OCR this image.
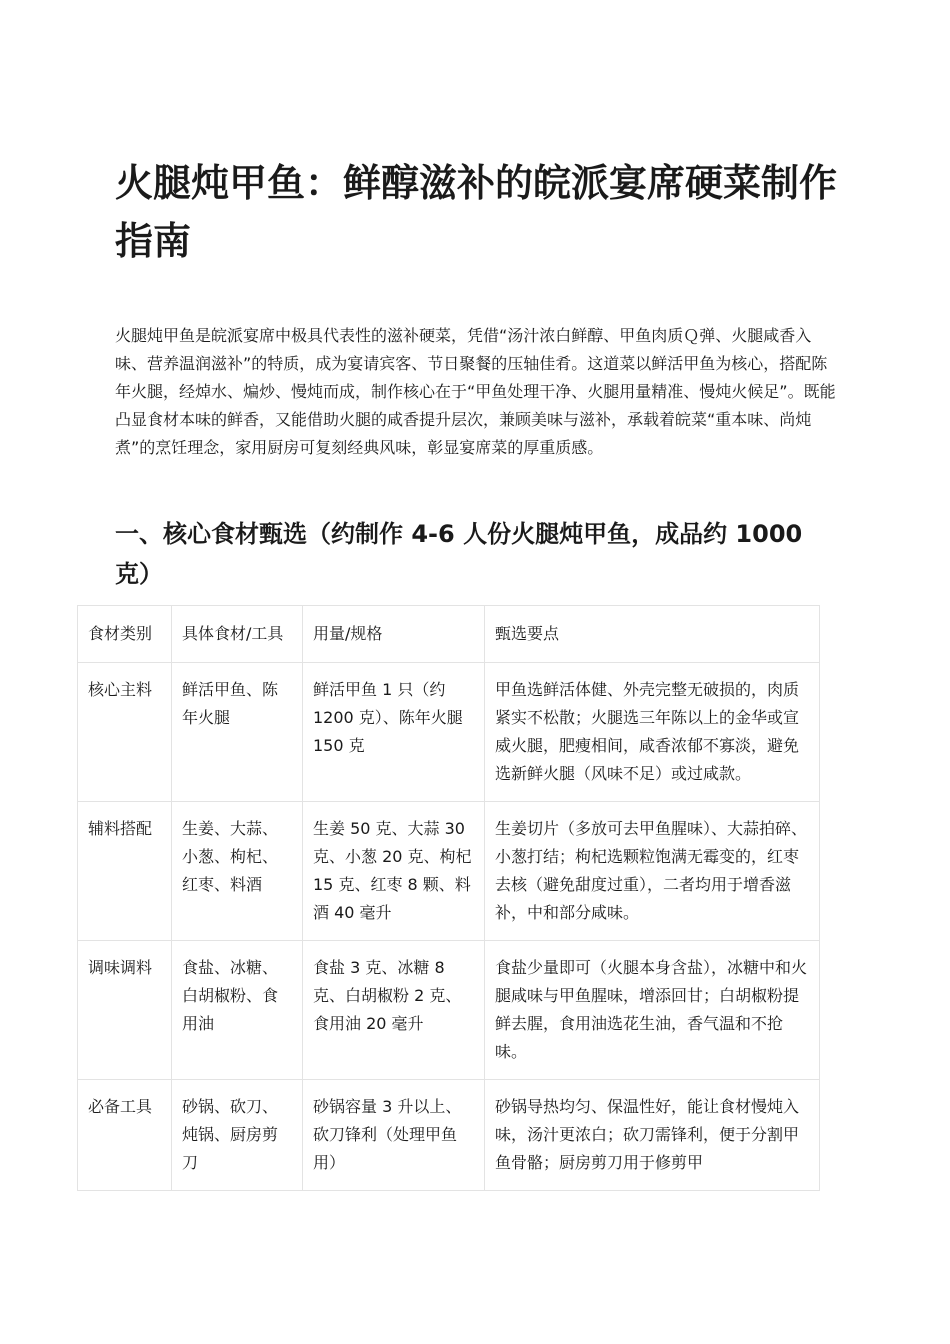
火腿炖甲鱼：鲜醇滋补的皖派宴席硬菜制作指南

火腿炖甲鱼是皖派宴席中极具代表性的滋补硬菜，凭借“汤汁浓白鲜醇、甲鱼肉质Ｑ弹、火腿咸香入味、营养温润滋补”的特质，成为宴请宾客、节日聚餐的压轴佳肴。这道菜以鲜活甲鱼为核心，搭配陈年火腿，经焯水、煸炒、慢炖而成，制作核心在于“甲鱼处理干净、火腿用量精准、慢炖火候足”。既能凸显食材本味的鲜香，又能借助火腿的咸香提升层次，兼顾美味与滋补，承载着皖菜“重本味、尚炖煮”的烹饪理念，家用厨房可复刻经典风味，彰显宴席菜的厚重质感。

一、核心食材甄选（约制作 4-6 人份火腿炖甲鱼，成品约 1000 克）
食材类别	具体食材/工具	用量/规格	甄选要点
核心主料	鲜活甲鱼、陈年火腿	鲜活甲鱼 1 只（约 1200 克）、陈年火腿 150 克	甲鱼选鲜活体健、外壳完整无破损的，肉质紧实不松散；火腿选三年陈以上的金华或宣威火腿，肥瘦相间，咸香浓郁不寡淡，避免选新鲜火腿（风味不足）或过咸款。
辅料搭配	生姜、大蒜、小葱、枸杞、红枣、料酒	生姜 50 克、大蒜 30 克、小葱 20 克、枸杞 15 克、红枣 8 颗、料酒 40 毫升	生姜切片（多放可去甲鱼腥味）、大蒜拍碎、小葱打结；枸杞选颗粒饱满无霉变的，红枣去核（避免甜度过重），二者均用于增香滋补，中和部分咸味。
调味调料	食盐、冰糖、白胡椒粉、食用油	食盐 3 克、冰糖 8 克、白胡椒粉 2 克、食用油 20 毫升	食盐少量即可（火腿本身含盐），冰糖中和火腿咸味与甲鱼腥味，增添回甘；白胡椒粉提鲜去腥，食用油选花生油，香气温和不抢味。
必备工具	砂锅、砍刀、炖锅、厨房剪刀	砂锅容量 3 升以上、砍刀锋利（处理甲鱼用）	砂锅导热均匀、保温性好，能让食材慢炖入味，汤汁更浓白；砍刀需锋利，便于分割甲鱼骨骼；厨房剪刀用于修剪甲
